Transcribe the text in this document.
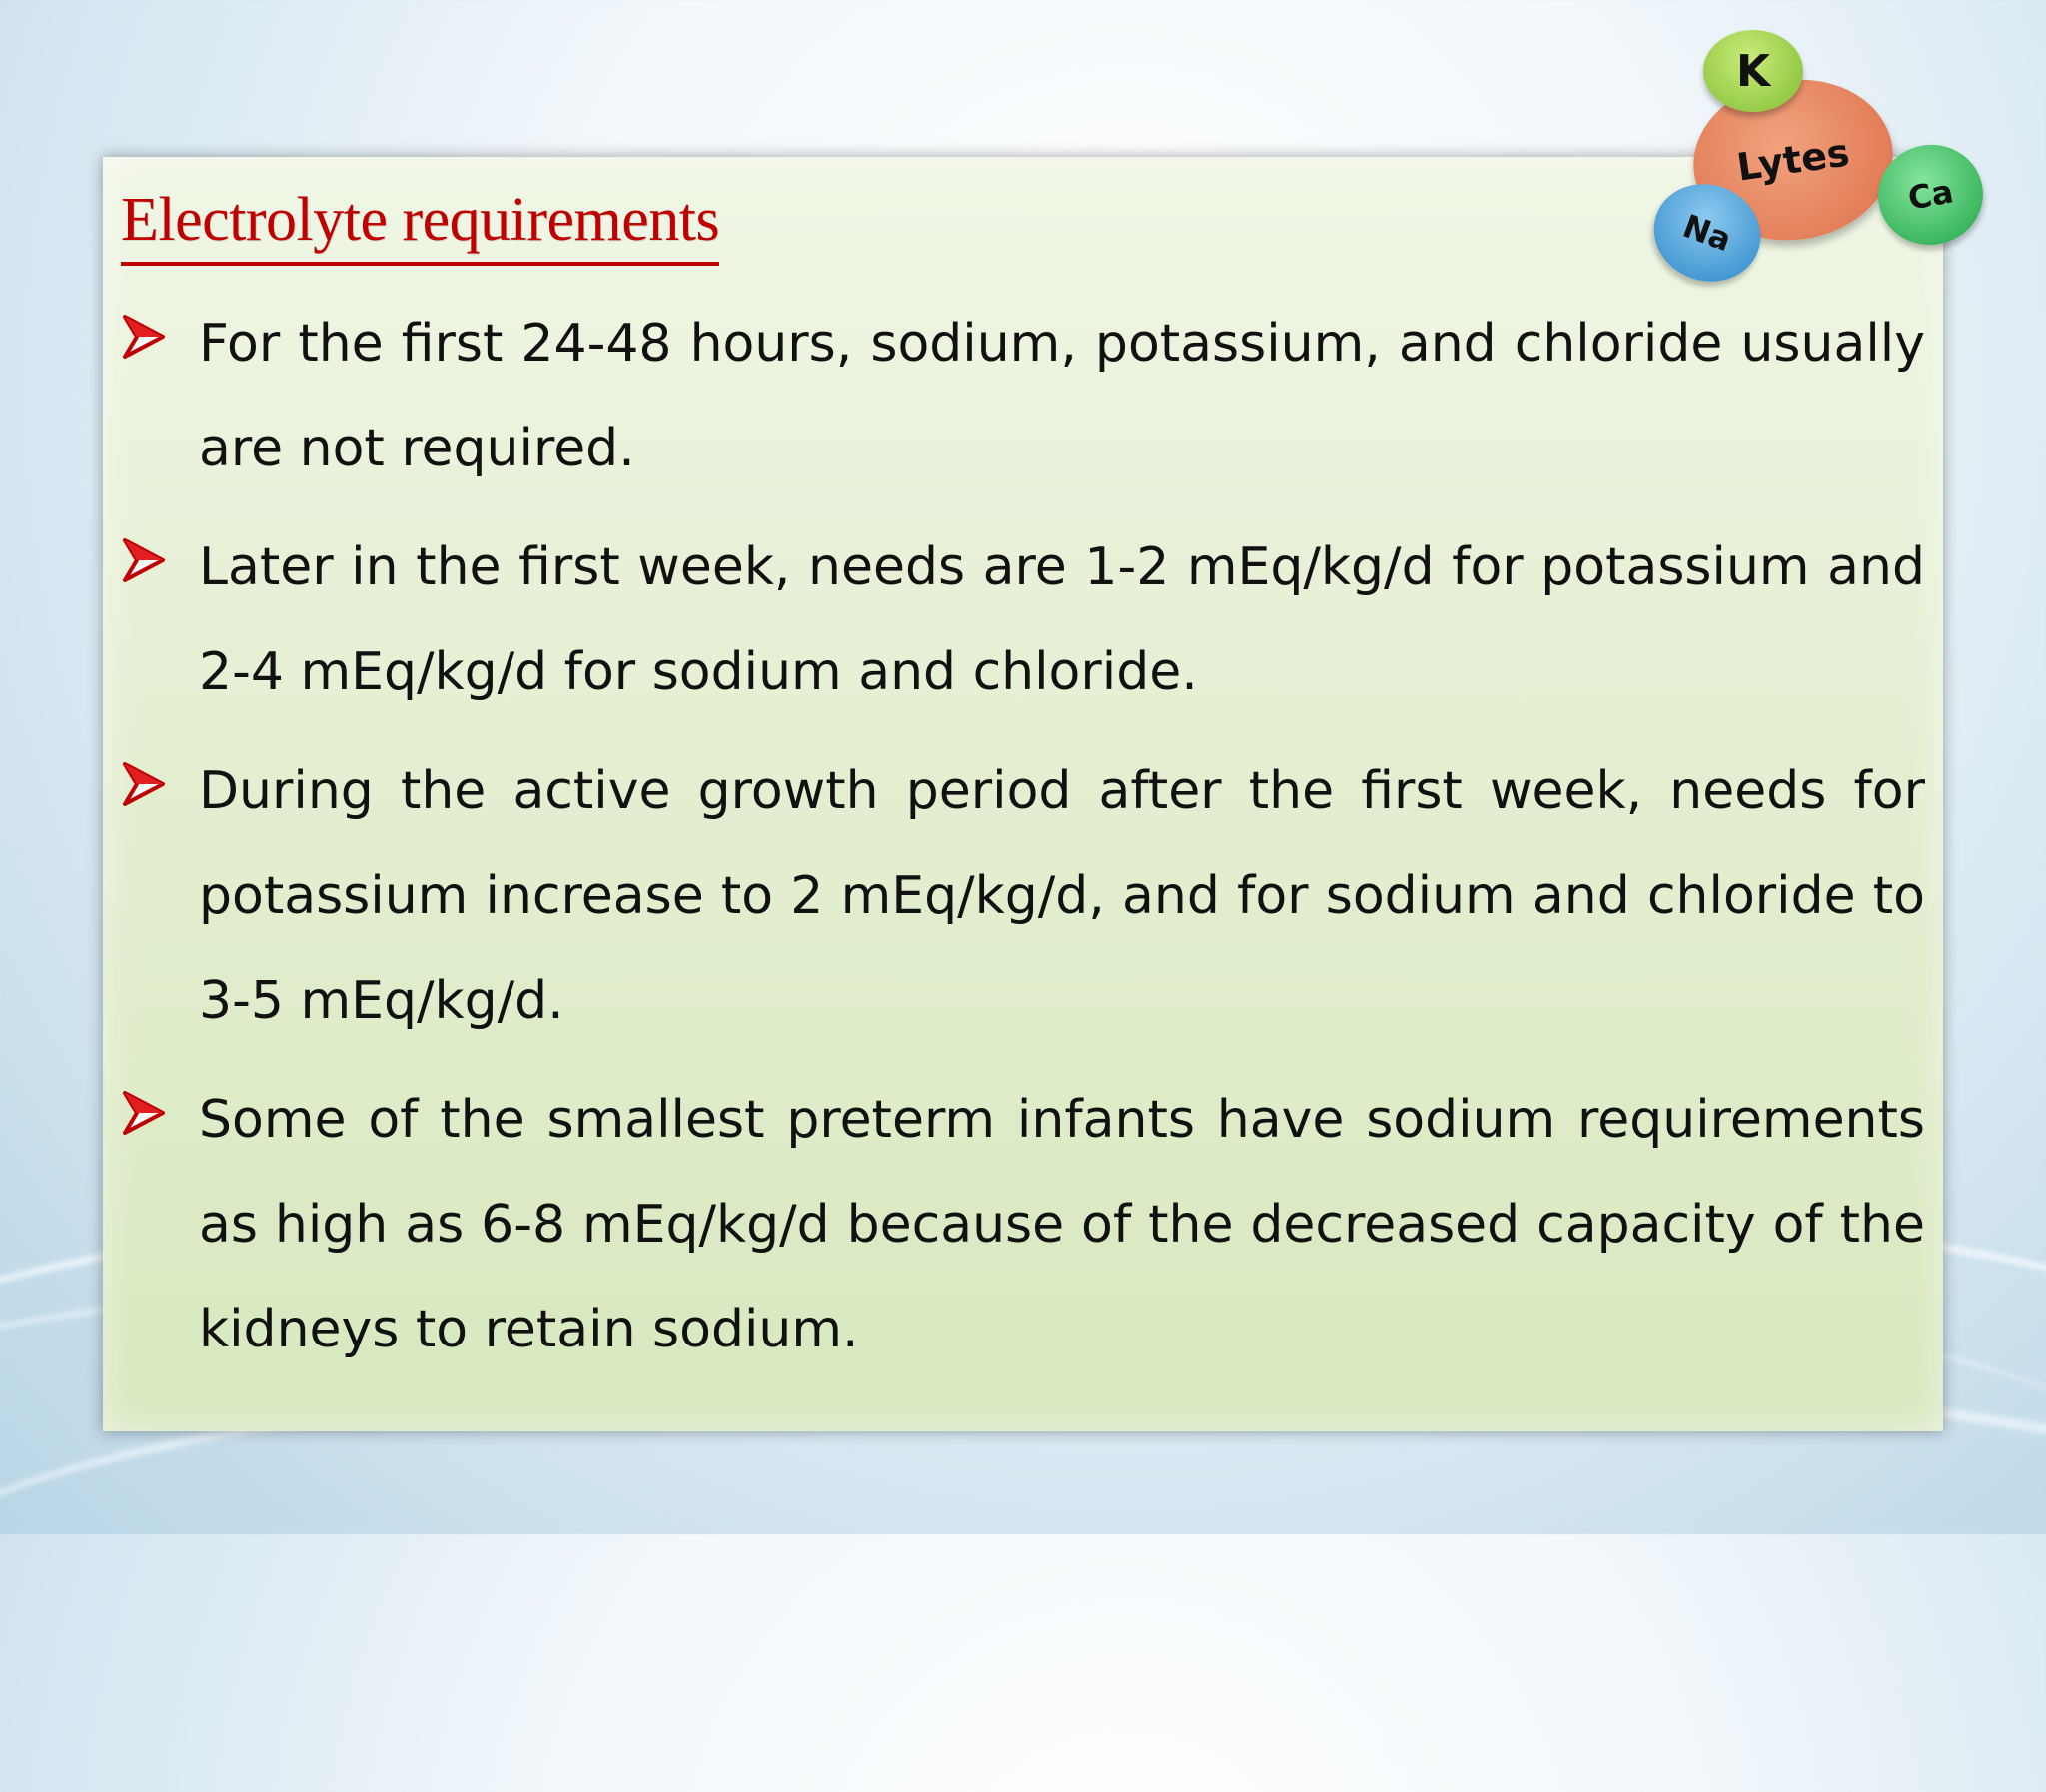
Electrolyte requirements
For the first 24-48 hours, sodium, potassium, and chloride usually are not required.
Later in the first week, needs are 1-2 mEq/kg/d for potassium and 2-4 mEq/kg/d for sodium and chloride.
During the active growth period after the first week, needs for potassium increase to 2 mEq/kg/d, and for sodium and chloride to 3-5 mEq/kg/d.
Some of the smallest preterm infants have sodium requirements as high as 6-8 mEq/kg/d because of the decreased capacity of the kidneys to retain sodium.
Lytes
K
Na
Ca
